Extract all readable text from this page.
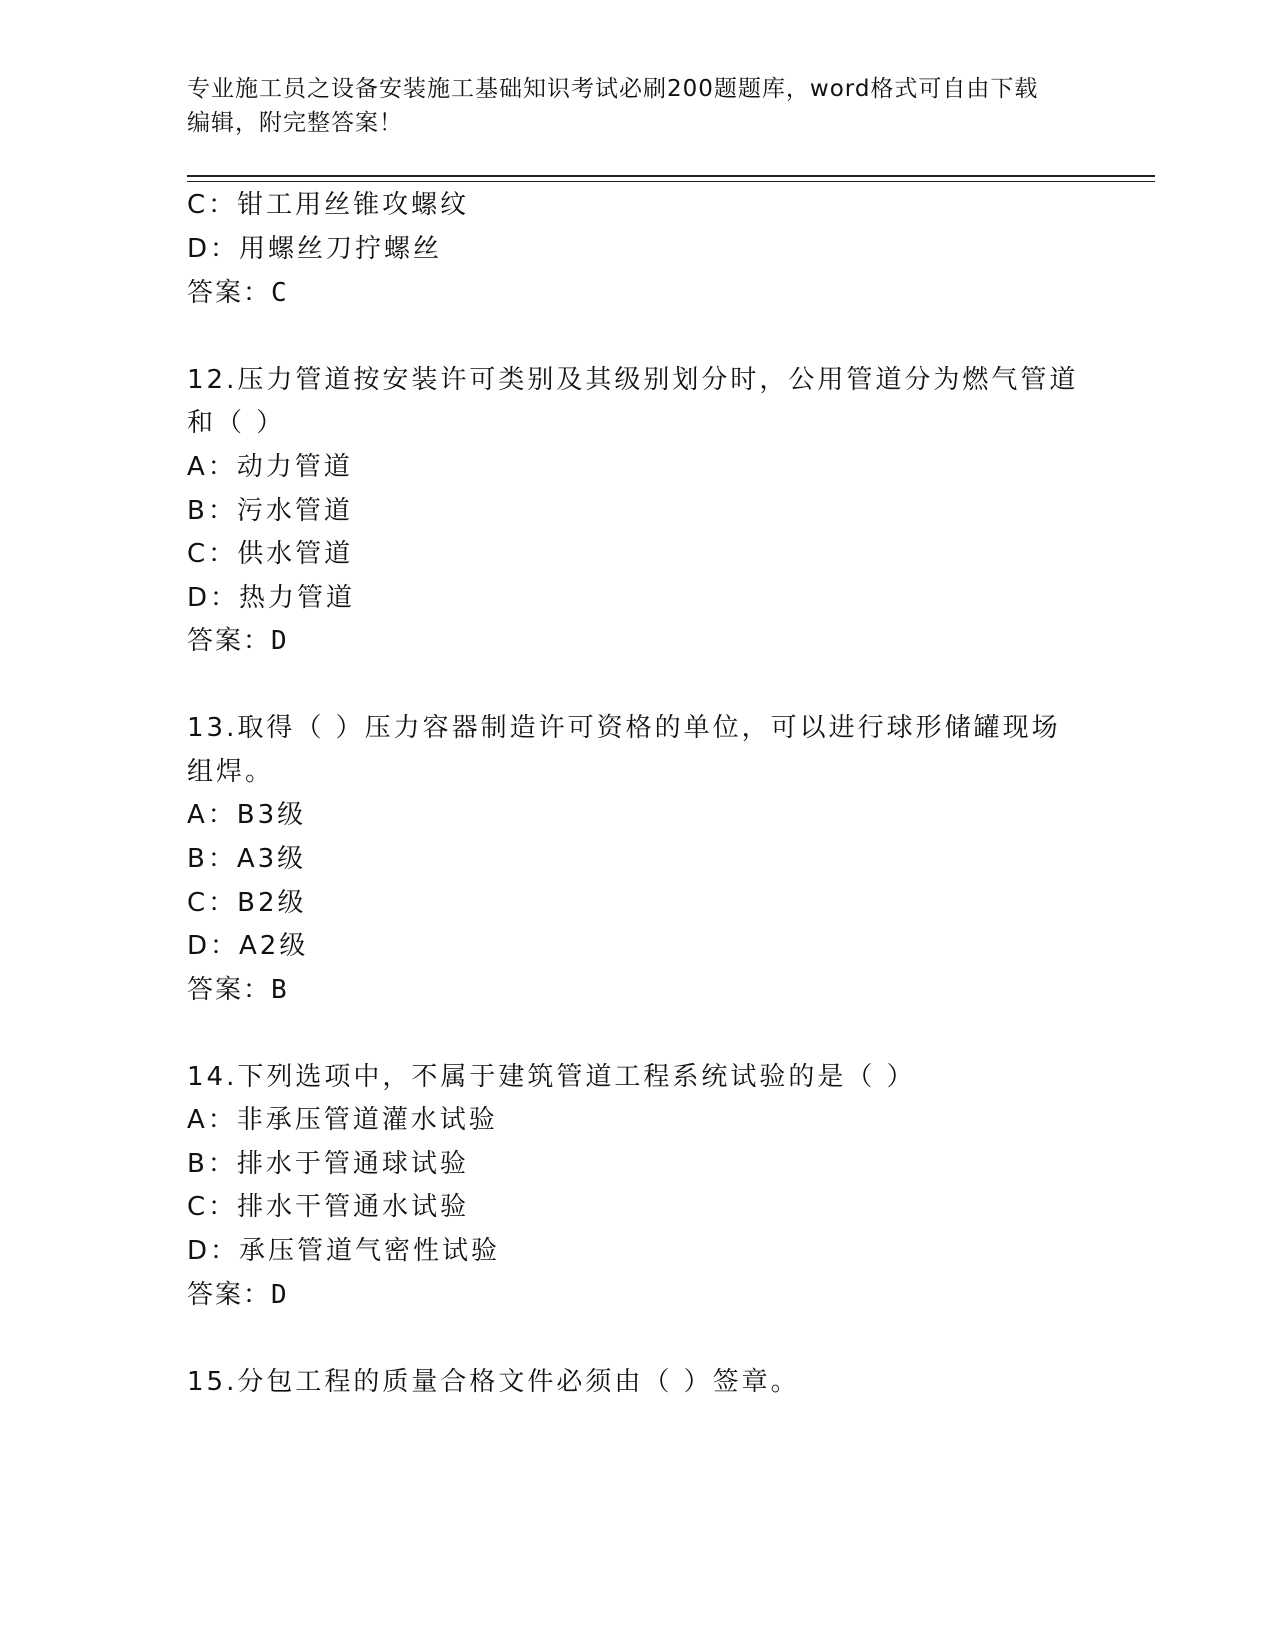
专业施工员之设备安装施工基础知识考试必刷200题题库，word格式可自由下载
编辑，附完整答案！
C：钳工用丝锥攻螺纹
D：用螺丝刀拧螺丝
答案：C
12.压力管道按安装许可类别及其级别划分时，公用管道分为燃气管道
和（ ）
A：动力管道
B：污水管道
C：供水管道
D：热力管道
答案：D
13.取得（ ）压力容器制造许可资格的单位，可以进行球形储罐现场
组焊。
A：B3级
B：A3级
C：B2级
D：A2级
答案：B
14.下列选项中，不属于建筑管道工程系统试验的是（ ）
A：非承压管道灌水试验
B：排水于管通球试验
C：排水干管通水试验
D：承压管道气密性试验
答案：D
15.分包工程的质量合格文件必须由（ ）签章。
